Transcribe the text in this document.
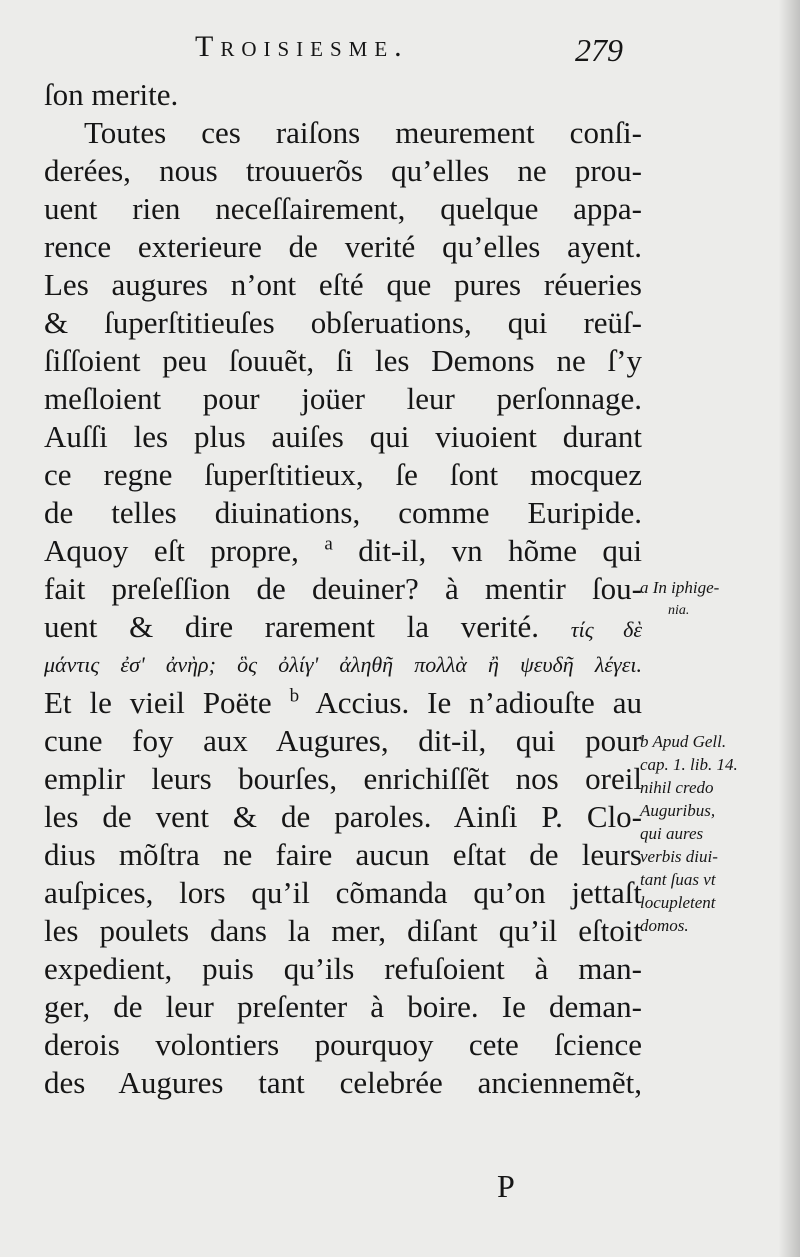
Troisiesme.	279
ſon merite.
Toutes ces raiſons meurement conſi-
derées, nous trouuerõs qu’elles ne prou-
uent rien neceſſairement, quelque appa-
rence exterieure de verité qu’elles ayent.
Les augures n’ont eſté que pures réueries
& ſuperſtitieuſes obſeruations, qui reüſ-
ſiſſoient peu ſouuẽt, ſi les Demons ne ſ’y
meſloient pour joüer leur perſonnage.
Auſſi les plus auiſes qui viuoient durant
ce regne ſuperſtitieux, ſe ſont mocquez
de telles diuinations, comme Euripide.
Aquoy eſt propre, $^a$ dit-il, vn hõme qui
fait preſeſſion de deuiner? à mentir ſou-
uent & dire rarement la verité. τίς δὲ
μάντις ἐσ' ἀνὴρ; ὃς ὀλίγ' ἀληθῆ πολλὰ ἢ ψευδῆ λέγει.
Et le vieil Poëte $^b$ Accius. Ie n’adiouſte au
cune foy aux Augures, dit-il, qui pour
emplir leurs bourſes, enrichiſſẽt nos oreil
les de vent & de paroles. Ainſi P. Clo-
dius mõſtra ne faire aucun eſtat de leurs
auſpices, lors qu’il cõmanda qu’on jettaſt
les poulets dans la mer, diſant qu’il eſtoit
expedient, puis qu’ils refuſoient à man-
ger, de leur preſenter à boire. Ie deman-
derois volontiers pourquoy cete ſcience
des Augures tant celebrée anciennemẽt,
a In iphige-
nia.
b Apud Gell.
cap. 1. lib. 14.
nihil credo
Auguribus,
qui aures
verbis diui-
tant ſuas vt
locupletent
domos.
P
